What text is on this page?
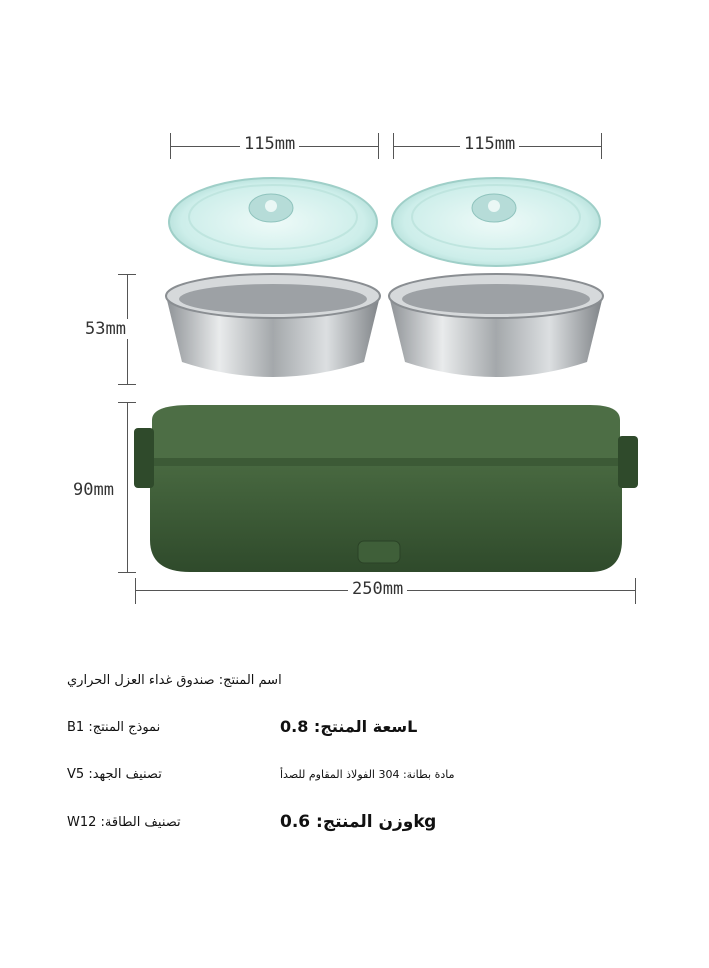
115mm	115mm
53mm
90mm
250mm
اسم المنتج: صندوق غداء العزل الحراري
B1 :نموذج المنتج	سعة المنتج: 0.8L
Vتصنيف الجهد: 5	مادة بطانة: 304 الفولاذ المقاوم للصدأ
Wتصنيف الطاقة: 12	وزن المنتج: 0.6kg
